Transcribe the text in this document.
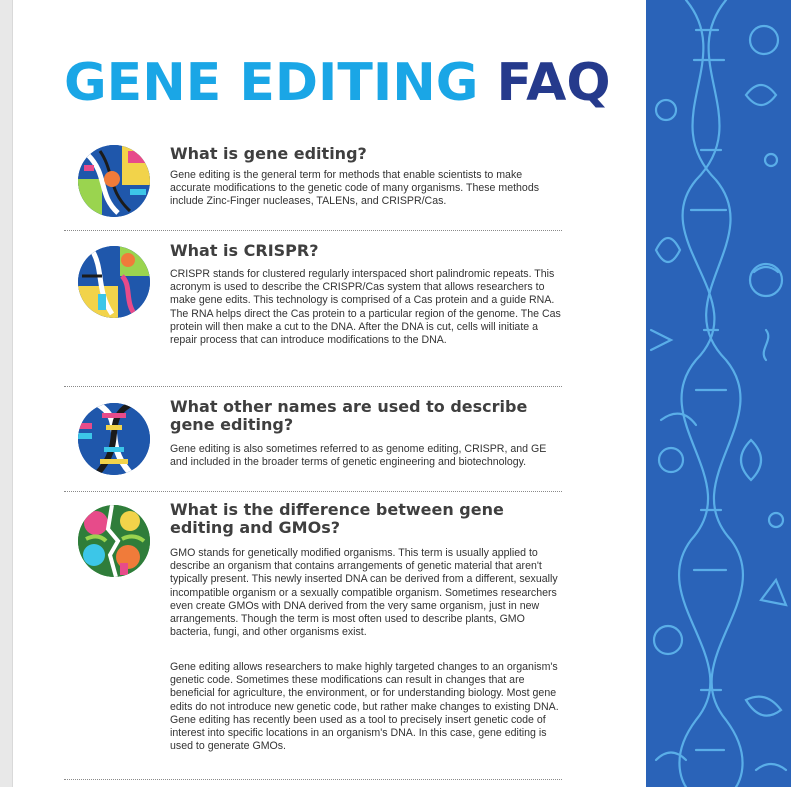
GENE EDITING FAQ
What is gene editing?

Gene editing is the general term for methods that enable scientists to make accurate modifications to the genetic code of many organisms. These methods include Zinc-Finger nucleases, TALENs, and CRISPR/Cas.

What is CRISPR?

CRISPR stands for clustered regularly interspaced short palindromic repeats. This acronym is used to describe the CRISPR/Cas system that allows researchers to make gene edits. This technology is comprised of a Cas protein and a guide RNA. The RNA helps direct the Cas protein to a particular region of the genome. The Cas protein will then make a cut to the DNA. After the DNA is cut, cells will initiate a repair process that can introduce modifications to the DNA.

What other names are used to describe gene editing?

Gene editing is also sometimes referred to as genome editing, CRISPR, and GE and included in the broader terms of genetic engineering and biotechnology.

What is the difference between gene editing and GMOs?

GMO stands for genetically modified organisms. This term is usually applied to describe an organism that contains arrangements of genetic material that aren't typically present. This newly inserted DNA can be derived from a different, sexually incompatible organism or a sexually compatible organism. Sometimes researchers even create GMOs with DNA derived from the very same organism, just in new arrangements. Though the term is most often used to describe plants, GMO bacteria, fungi, and other organisms exist.

Gene editing allows researchers to make highly targeted changes to an organism's genetic code. Sometimes these modifications can result in changes that are beneficial for agriculture, the environment, or for understanding biology. Most gene edits do not introduce new genetic code, but rather make changes to existing DNA. Gene editing has recently been used as a tool to precisely insert genetic code of interest into specific locations in an organism's DNA. In this case, gene editing is used to generate GMOs.
